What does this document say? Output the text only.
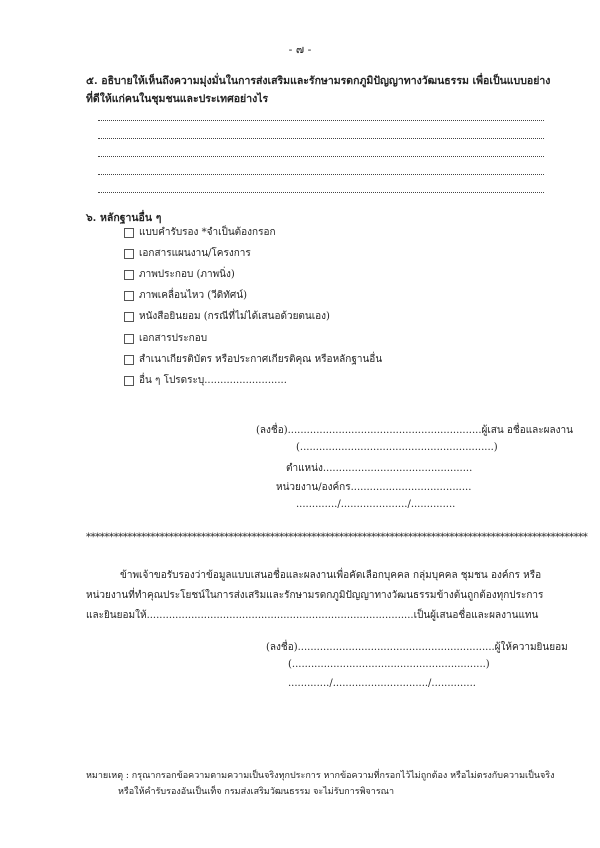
- ๗ -
๕. อธิบายให้เห็นถึงความมุ่งมั่นในการส่งเสริมและรักษามรดกภูมิปัญญาทางวัฒนธรรม เพื่อเป็นแบบอย่างที่ดีให้แก่คนในชุมชนและประเทศอย่างไร
๖. หลักฐานอื่น ๆ
แบบคำรับรอง *จำเป็นต้องกรอก
เอกสารแผนงาน/โครงการ
ภาพประกอบ (ภาพนิ่ง)
ภาพเคลื่อนไหว (วีดิทัศน์)
หนังสือยินยอม (กรณีที่ไม่ได้เสนอด้วยตนเอง)
เอกสารประกอบ
สำเนาเกียรติบัตร หรือประกาศเกียรติคุณ หรือหลักฐานอื่น
อื่น ๆ โปรดระบุ..........................
(ลงชื่อ).............................................................ผู้เสน อชื่อและผลงาน
(.............................................................)
ตำแหน่ง...............................................
หน่วยงาน/องค์กร......................................
............./...................../..............
*************************************************************************************************************
ข้าพเจ้าขอรับรองว่าข้อมูลแบบเสนอชื่อและผลงานเพื่อคัดเลือกบุคคล กลุ่มบุคคล ชุมชน องค์กร หรือหน่วยงานที่ทำคุณประโยชน์ในการส่งเสริมและรักษามรดกภูมิปัญญาทางวัฒนธรรมข้างต้นถูกต้องทุกประการ และยินยอมให้....................................................................................เป็นผู้เสนอชื่อและผลงานแทน
(ลงชื่อ)..............................................................ผู้ให้ความยินยอม
(.............................................................)
............./............................../..............
หมายเหตุ : กรุณากรอกข้อความตามความเป็นจริงทุกประการ หากข้อความที่กรอกไว้ไม่ถูกต้อง หรือไม่ตรงกับความเป็นจริง
หรือให้คำรับรองอันเป็นเท็จ กรมส่งเสริมวัฒนธรรม จะไม่รับการพิจารณา
